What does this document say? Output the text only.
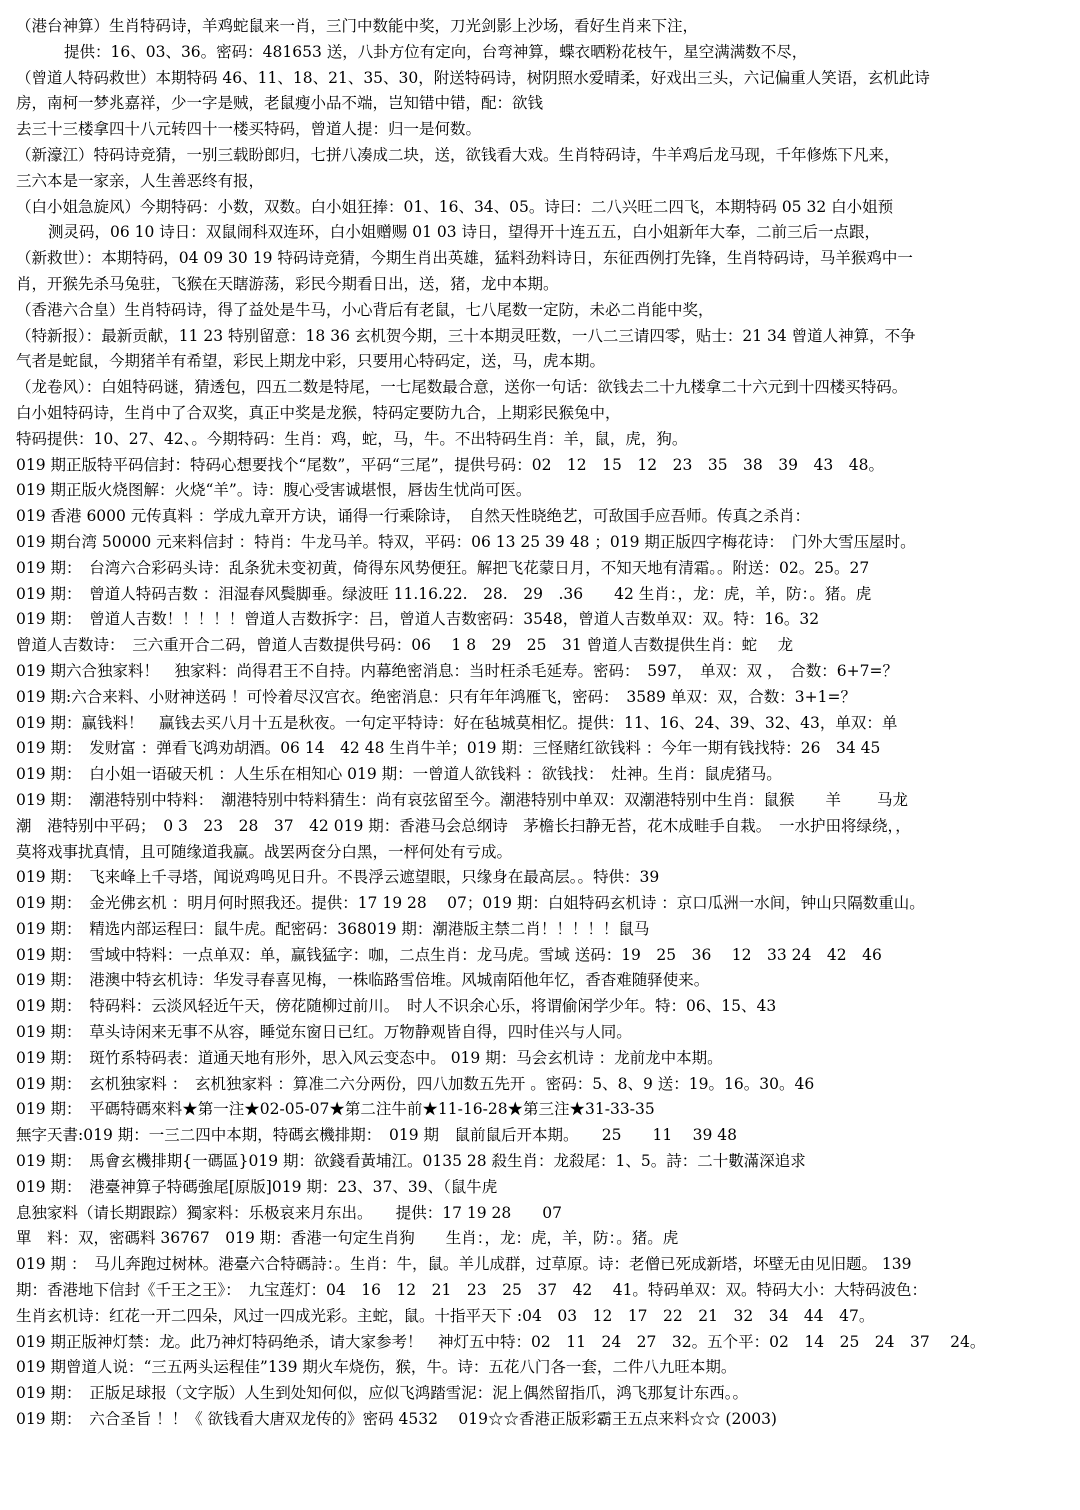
（港台神算）生肖特码诗，羊鸡蛇鼠来一肖，三门中数能中奖，刀光剑影上沙场，看好生肖来下注，
提供：16、03、36。密码：481653 送，八卦方位有定向，台弯神算，蝶衣晒粉花枝午，星空满满数不尽，
（曾道人特码救世）本期特码 46、11、18、21、35、30，附送特码诗，树阴照水爱晴柔，好戏出三头，六记偏重人笑语，玄机此诗
房，南柯一梦兆嘉祥，少一字是贼，老鼠瘦小品不端，岂知错中错，配：欲钱
去三十三楼拿四十八元转四十一楼买特码，曾道人提：归一是何数。
（新濠江）特码诗竞猜，一别三载盼郎归，七拼八凑成二块，送，欲钱看大戏。生肖特码诗，牛羊鸡后龙马现，千年修炼下凡来，
三六本是一家亲，人生善恶终有报，
（白小姐急旋风）今期特码：小数，双数。白小姐狂捧：01、16、34、05。诗曰：二八兴旺二四飞，本期特码 05 32 白小姐预
测灵码，06 10 诗日：双鼠闹科双连环，白小姐赠赐 01 03 诗日，望得开十连五五，白小姐新年大奉，二前三后一点跟，
（新救世）：本期特码，04 09 30 19 特码诗竞猜，今期生肖出英雄，猛料劲料诗日，东征西例打先锋，生肖特码诗，马羊猴鸡中一
肖，开猴先杀马兔驻，飞猴在天瞎游荡，彩民今期看日出，送，猪，龙中本期。
（香港六合皇）生肖特码诗，得了益处是牛马，小心背后有老鼠，七八尾数一定防，未必二肖能中奖，
（特新报）：最新贡献，11 23 特别留意：18 36 玄机贺今期，三十本期灵旺数，一八二三请四零，贴士：21 34 曾道人神算，不争
气者是蛇鼠，今期猪羊有希望，彩民上期龙中彩，只要用心特码定，送，马，虎本期。
（龙卷风）：白姐特码谜，猜透包，四五二数是特尾，一七尾数最合意，送你一句话：欲钱去二十九楼拿二十六元到十四楼买特码。
白小姐特码诗，生肖中了合双奖，真正中奖是龙猴，特码定要防九合，上期彩民猴兔中，
特码提供：10、27、42、。今期特码：生肖：鸡，蛇，马，牛。不出特码生肖：羊，鼠，虎，狗。
019 期正版特平码信封：特码心想要找个“尾数”，平码“三尾”，提供号码：02　12　15　12　23　35　38　39　43　48。
019 期正版火烧图解：火烧“羊”。诗：腹心受害诚堪恨，唇齿生忧尚可医。
019 香港 6000 元传真料 ：学成九章开方诀，诵得一行乘除诗，　自然天性晓绝艺，可敌国手应吾师。传真之杀肖：
019 期台湾 50000 元来料信封 ：特肖：牛龙马羊。特双，平码：06 13 25 39 48 ；019 期正版四字梅花诗：　门外大雪压屋时。
019 期：　台湾六合彩码头诗：乱条犹未变初黄，倚得东风势便狂。解把飞花蒙日月，不知天地有清霜。。附送：02。25。27
019 期：　曾道人特码吉数 ：泪湿春风鬓脚垂。绿波旺 11.16.22.　28.　29　.36　　42 生肖：，龙：虎，羊，防：。猪。虎
019 期：　曾道人吉数！！！！！曾道人吉数拆字：吕，曾道人吉数密码：3548，曾道人吉数单双：双。特：16。32
曾道人吉数诗：　三六重开合二码，曾道人吉数提供号码：06　 1 8　29　25　31 曾道人吉数提供生肖：蛇　 龙
019 期六合独家料！　独家料：尚得君王不自持。内幕绝密消息：当时枉杀毛延寿。密码：　597，　单双：双 ，　合数：6+7=？
019 期:六合来料、小财神送码 ！可怜着尽汉宫衣。绝密消息：只有年年鸿雁飞，密码：　3589 单双：双，合数：3+1=？
019 期：赢钱料！　赢钱去买八月十五是秋夜。一句定平特诗：好在毡城莫相忆。提供：11、16、24、39、32、43，单双：单
019 期：　发财富 ：弹看飞鸿劝胡酒。06 14　42 48 生肖牛羊；019 期：三怪赌红欲钱料 ：今年一期有钱找特：26　34 45
019 期：　白小姐一语破天机 ：人生乐在相知心 019 期：一曾道人欲钱料 ：欲钱找：　灶神。生肖：鼠虎猪马。
019 期：　潮港特别中特料：　潮港特别中特料猜生：尚有哀弦留至今。潮港特别中单双：双潮港特别中生肖：鼠猴　　羊　　 马龙
潮　港特别中平码；　0 3　23　28　37　42 019 期：香港马会总纲诗　茅檐长扫静无苔，花木成畦手自栽。　一水护田将绿绕，，
莫将戏事扰真情，且可随缘道我赢。战罢两奁分白黑，一枰何处有亏成。
019 期：　飞来峰上千寻塔，闻说鸡鸣见日升。不畏浮云遮望眼，只缘身在最高层。。特供：39
019 期：　金光佛玄机 ：明月何时照我还。提供：17 19 28　 07；019 期：白姐特码玄机诗 ：京口瓜洲一水间，钟山只隔数重山。
019 期：　精选内部运程曰：鼠牛虎。配密码：368019 期：潮港版主禁二肖！！！！！鼠马
019 期：　雪域中特料：一点单双：单，赢钱猛字：咖，二点生肖：龙马虎。雪域 送码：19　25　36　 12　33 24　42　46
019 期：　港澳中特玄机诗：华发寻春喜见梅，一株临路雪倍堆。风城南陌他年忆，香杳难随驿使来。
019 期：　特码料：云淡风轻近午天，傍花随柳过前川。　时人不识余心乐，将谓偷闲学少年。特：06、15、43
019 期：　草头诗闲来无事不从容，睡觉东窗日已红。万物静观皆自得，四时佳兴与人同。
019 期：　斑竹系特码表：道通天地有形外，思入风云变态中。 019 期：马会玄机诗 ：龙前龙中本期。
019 期：　玄机独家料 ：　玄机独家料 ：算准二六分两份，四八加数五先开 。密码：5、8、9 送：19。16。30。46
019 期：　平碼特碼來料★第一注★02-05-07★第二注牛前★11-16-28★第三注★31-33-35
無字天書:019 期：一三二四中本期，特碼玄機排期：　019 期　鼠前鼠后开本期。　　25　　11　 39 48
019 期：　馬會玄機排期{一碼區}019 期：欲錢看黃埔江。0135 28 殺生肖：龙殺尾：1、5。詩：二十數滿深追求
019 期：　港臺神算子特碼強尾[原版]019 期：23、37、39、（鼠牛虎
息独家料（请长期跟踪）獨家料：乐极哀来月东出。　　提供：17 19 28　　07
單　料：双，密碼料 36767　019 期：香港一句定生肖狗　　生肖：，龙：虎，羊，防：。猪。虎
019 期 ：　马儿奔跑过树林。港臺六合特碼詩：。生肖：牛，鼠。羊儿成群，过草原。诗：老僧已死成新塔，坏壁无由见旧题。 139
期：香港地下信封《千王之王》：　九宝莲灯：04　16　12　21　23　25　37　42　 41。特码单双：双。特码大小：大特码波色：
生肖玄机诗：红花一开二四朵，风过一四成光彩。主蛇，鼠。十指平天下 :04　03　12　17　22　21　32　34　44　47。
019 期正版神灯禁：龙。此乃神灯特码绝杀，请大家参考！　神灯五中特：02　11　24　27　32。五个平：02　14　25　24　37　 24。
019 期曾道人说：“三五两头运程佳”139 期火车烧伤，猴，牛。诗：五花八门各一套，二件八九旺本期。
019 期：　正版足球报（文字版）人生到处知何似，应似飞鸿踏雪泥：泥上偶然留指爪，鸿飞那复计东西。。
019 期：　六合圣旨 ！！《 欲钱看大唐双龙传的》密码 4532　 019☆☆香港正版彩霸王五点来料☆☆ (2003)
